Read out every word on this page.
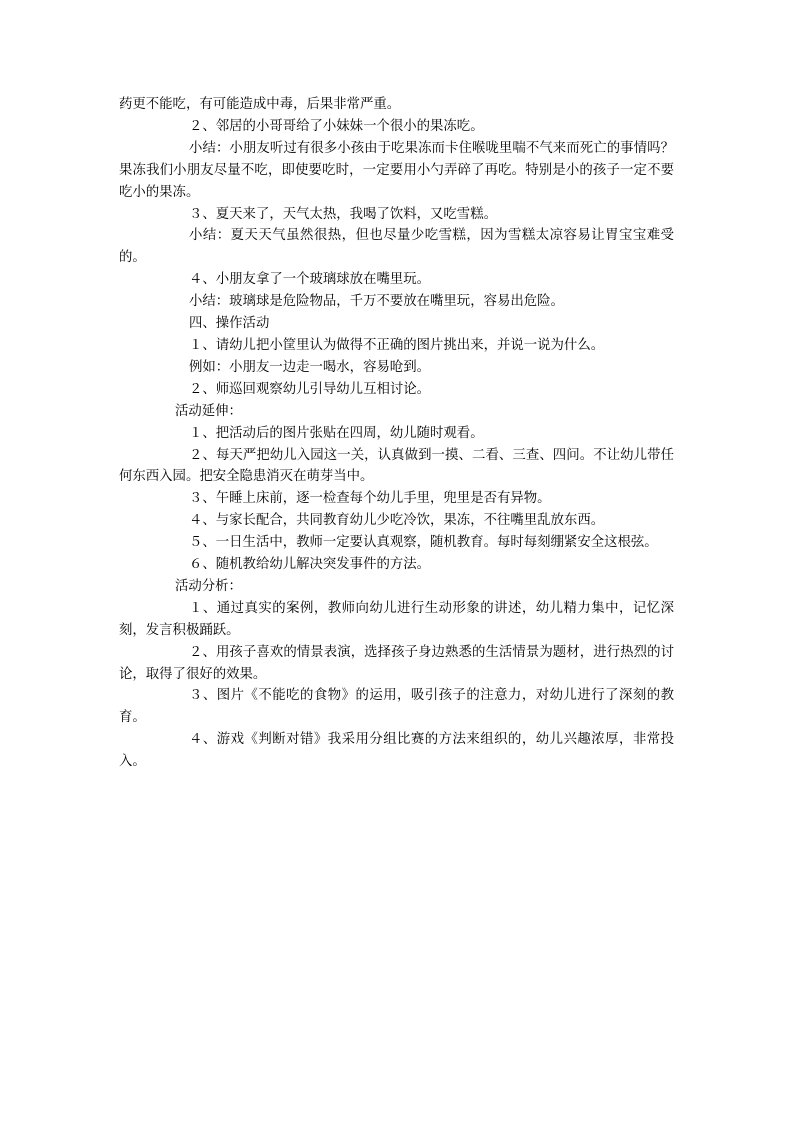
药更不能吃，有可能造成中毒，后果非常严重。

２、邻居的小哥哥给了小妹妹一个很小的果冻吃。

小结：小朋友听过有很多小孩由于吃果冻而卡住喉咙里喘不气来而死亡的事情吗？果冻我们小朋友尽量不吃，即使要吃时，一定要用小勺弄碎了再吃。特别是小的孩子一定不要吃小的果冻。

３、夏天来了，天气太热，我喝了饮料，又吃雪糕。

小结：夏天天气虽然很热，但也尽量少吃雪糕，因为雪糕太凉容易让胃宝宝难受的。

４、小朋友拿了一个玻璃球放在嘴里玩。

小结：玻璃球是危险物品，千万不要放在嘴里玩，容易出危险。

四、操作活动

１、请幼儿把小筐里认为做得不正确的图片挑出来，并说一说为什么。

例如：小朋友一边走一喝水，容易呛到。

２、师巡回观察幼儿引导幼儿互相讨论。

活动延伸：

１、把活动后的图片张贴在四周，幼儿随时观看。

２、每天严把幼儿入园这一关，认真做到一摸、二看、三查、四问。不让幼儿带任何东西入园。把安全隐患消灭在萌芽当中。

３、午睡上床前，逐一检查每个幼儿手里，兜里是否有异物。

４、与家长配合，共同教育幼儿少吃冷饮，果冻，不往嘴里乱放东西。

５、一日生活中，教师一定要认真观察，随机教育。每时每刻绷紧安全这根弦。

６、随机教给幼儿解决突发事件的方法。

活动分析：

１、通过真实的案例，教师向幼儿进行生动形象的讲述，幼儿精力集中，记忆深刻，发言积极踊跃。

２、用孩子喜欢的情景表演，选择孩子身边熟悉的生活情景为题材，进行热烈的讨论，取得了很好的效果。

３、图片《不能吃的食物》的运用，吸引孩子的注意力，对幼儿进行了深刻的教育。

４、游戏《判断对错》我采用分组比赛的方法来组织的，幼儿兴趣浓厚，非常投入。
